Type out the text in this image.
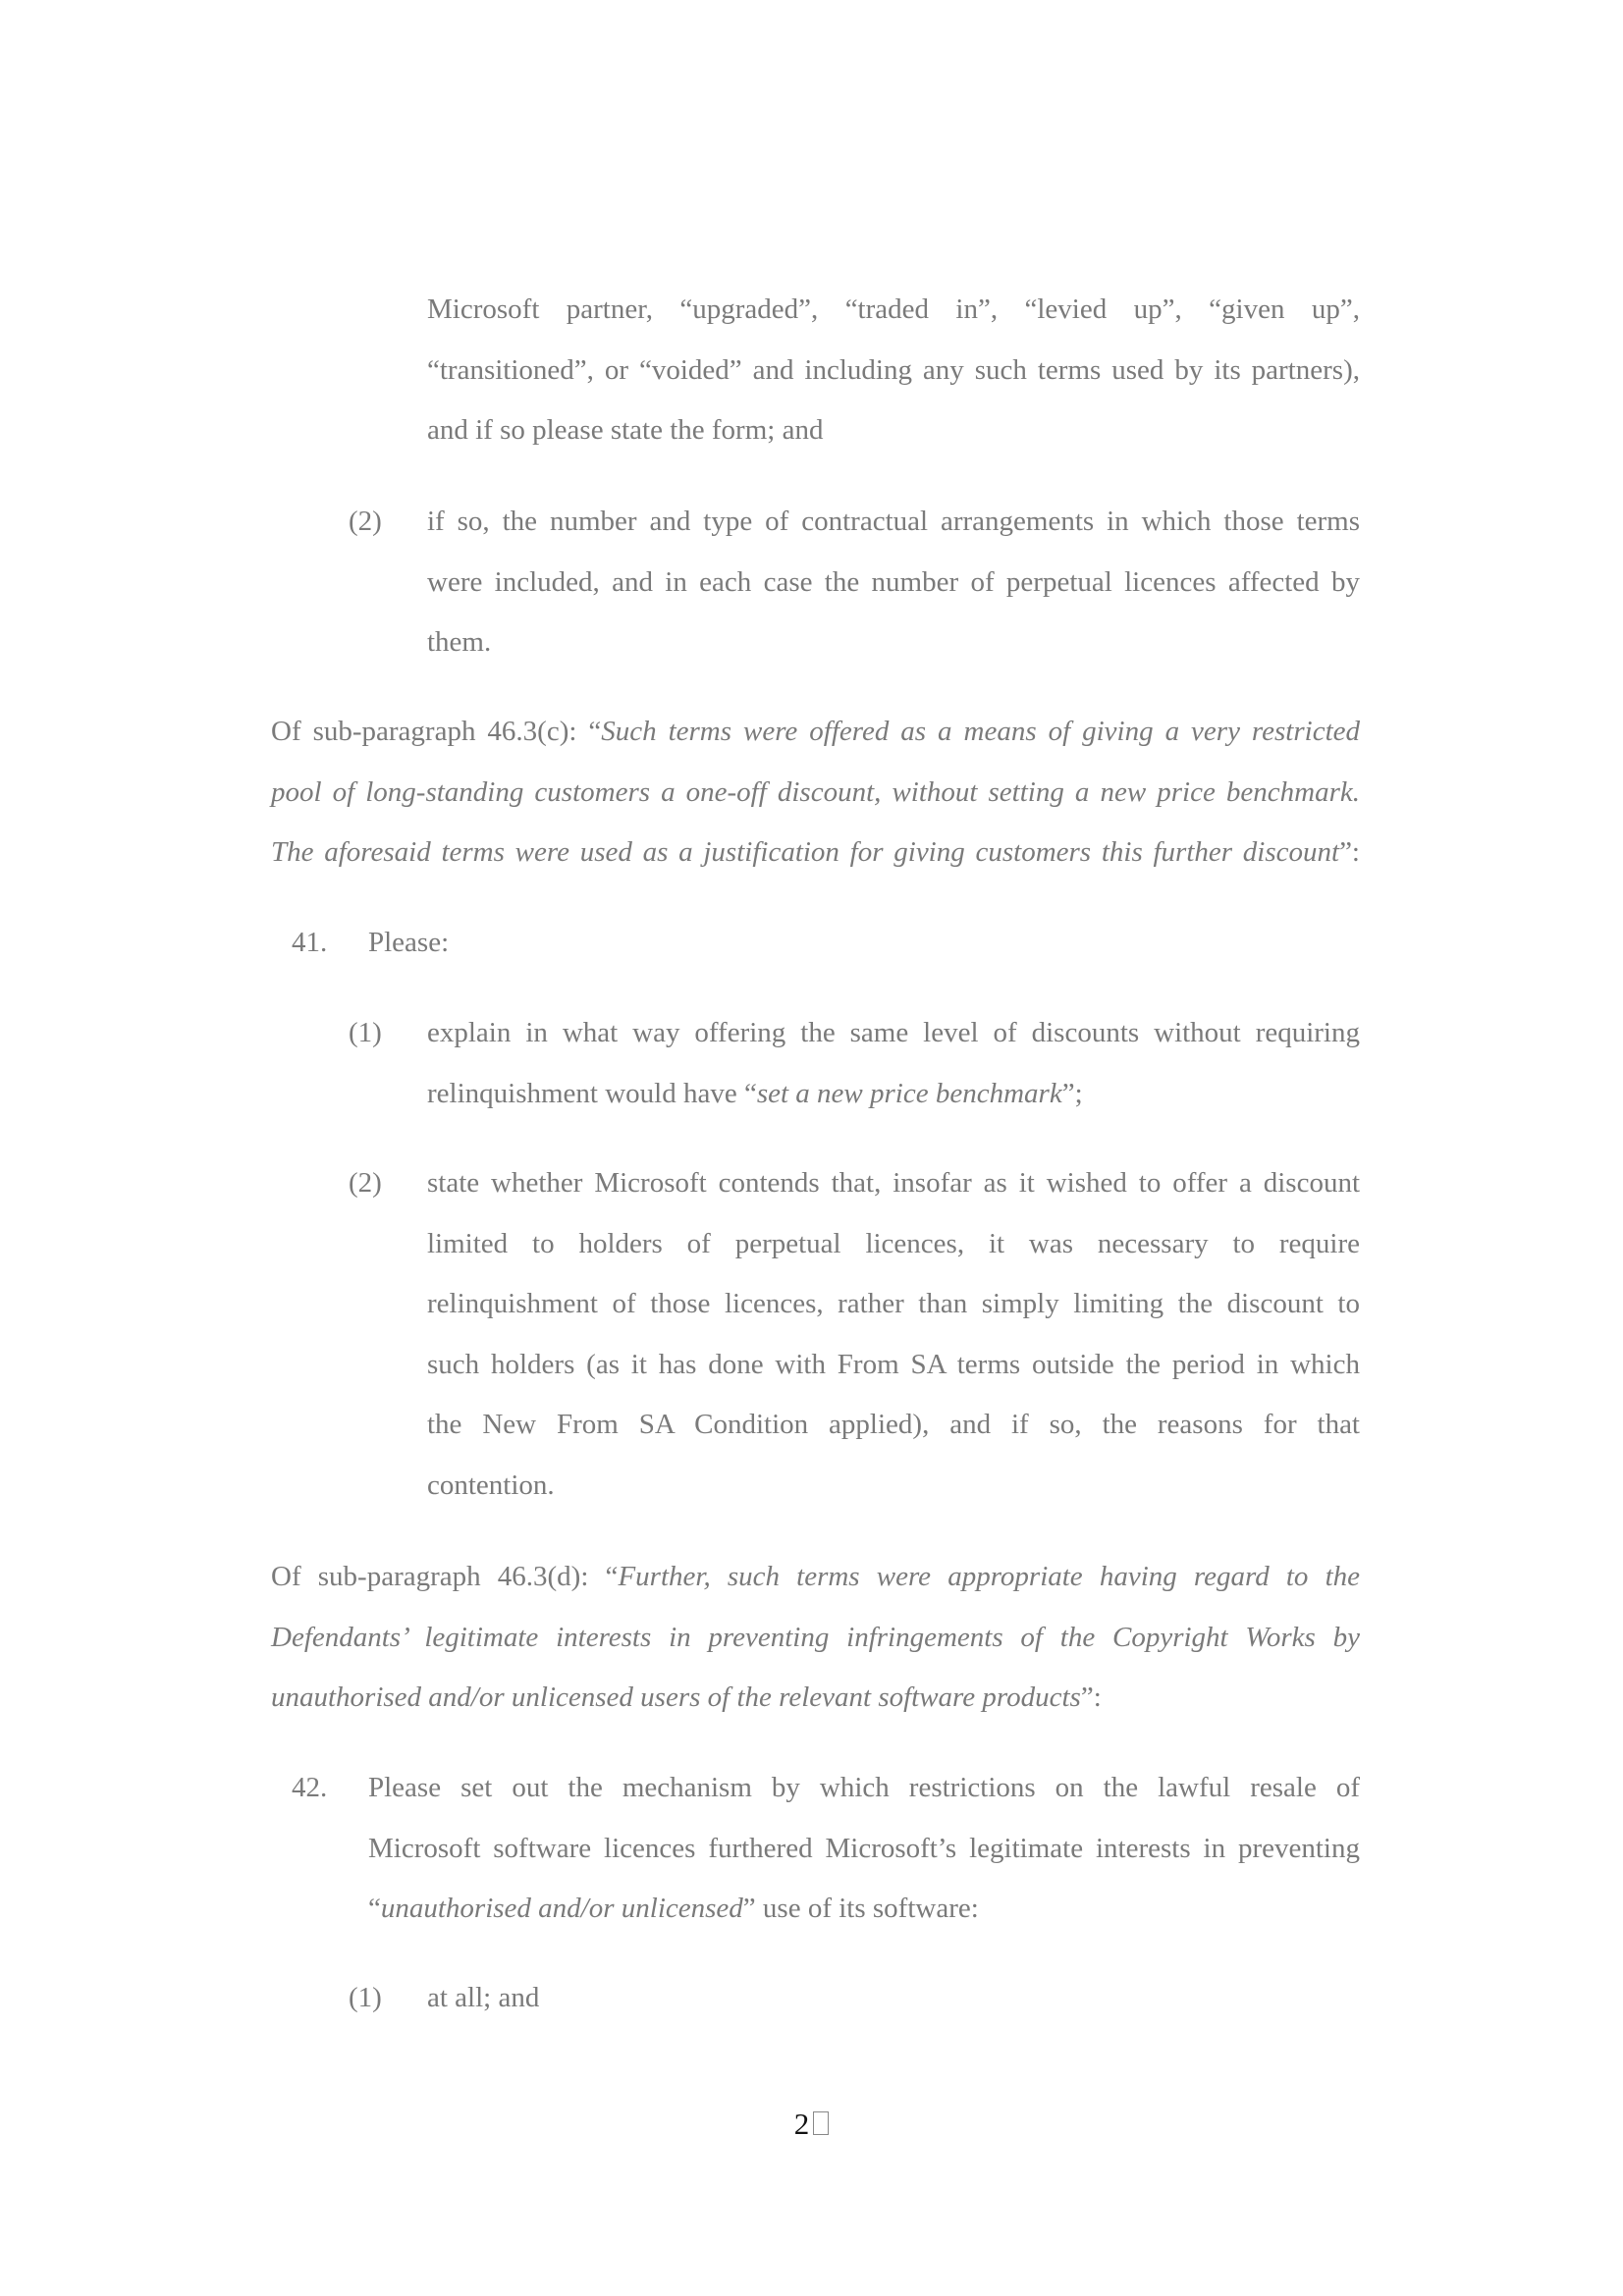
Microsoft partner, “upgraded”, “traded in”, “levied up”, “given up”,
“transitioned”, or “voided” and including any such terms used by its partners),
and if so please state the form; and
(2) if so, the number and type of contractual arrangements in which those terms
were included, and in each case the number of perpetual licences affected by
them.
Of sub-paragraph 46.3(c): “Such terms were offered as a means of giving a very restricted
pool of long-standing customers a one-off discount, without setting a new price benchmark.
The aforesaid terms were used as a justification for giving customers this further discount”:
41. Please:
(1) explain in what way offering the same level of discounts without requiring
relinquishment would have “set a new price benchmark”;
(2) state whether Microsoft contends that, insofar as it wished to offer a discount
limited to holders of perpetual licences, it was necessary to require
relinquishment of those licences, rather than simply limiting the discount to
such holders (as it has done with From SA terms outside the period in which
the New From SA Condition applied), and if so, the reasons for that
contention.
Of sub-paragraph 46.3(d): “Further, such terms were appropriate having regard to the
Defendants’ legitimate interests in preventing infringements of the Copyright Works by
unauthorised and/or unlicensed users of the relevant software products”:
42. Please set out the mechanism by which restrictions on the lawful resale of
Microsoft software licences furthered Microsoft’s legitimate interests in preventing
“unauthorised and/or unlicensed” use of its software:
(1) at all; and
2
